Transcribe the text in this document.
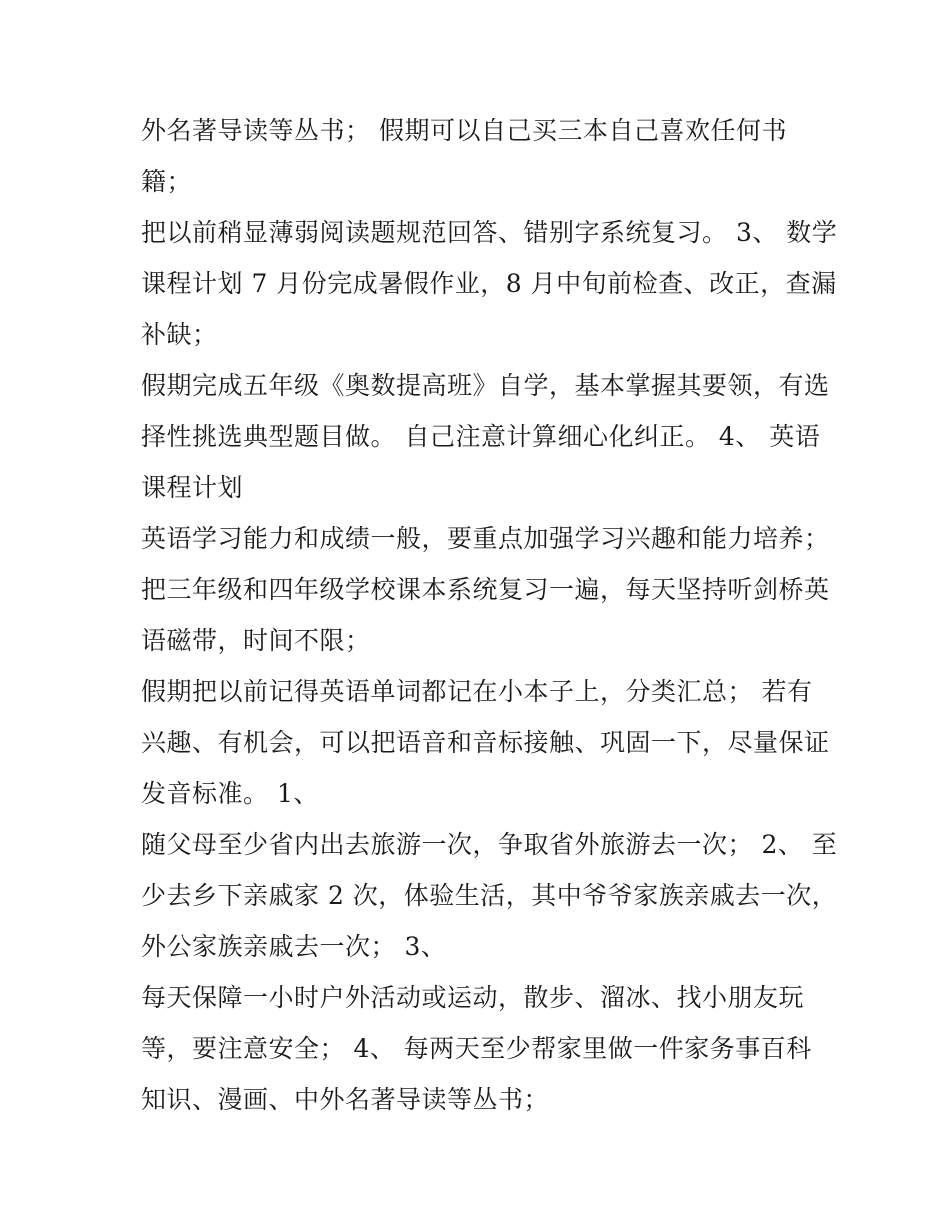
外名著导读等丛书； 假期可以自己买三本自己喜欢任何书
籍；
把以前稍显薄弱阅读题规范回答、错别字系统复习。 3、 数学
课程计划 7 月份完成暑假作业，8 月中旬前检查、改正，查漏
补缺；
假期完成五年级《奥数提高班》自学，基本掌握其要领，有选
择性挑选典型题目做。 自己注意计算细心化纠正。 4、 英语
课程计划
英语学习能力和成绩一般，要重点加强学习兴趣和能力培养；
把三年级和四年级学校课本系统复习一遍，每天坚持听剑桥英
语磁带，时间不限；
假期把以前记得英语单词都记在小本子上，分类汇总； 若有
兴趣、有机会，可以把语音和音标接触、巩固一下，尽量保证
发音标准。 1、
随父母至少省内出去旅游一次，争取省外旅游去一次； 2、 至
少去乡下亲戚家 2 次，体验生活，其中爷爷家族亲戚去一次，
外公家族亲戚去一次； 3、
每天保障一小时户外活动或运动，散步、溜冰、找小朋友玩
等，要注意安全； 4、 每两天至少帮家里做一件家务事百科
知识、漫画、中外名著导读等丛书；
